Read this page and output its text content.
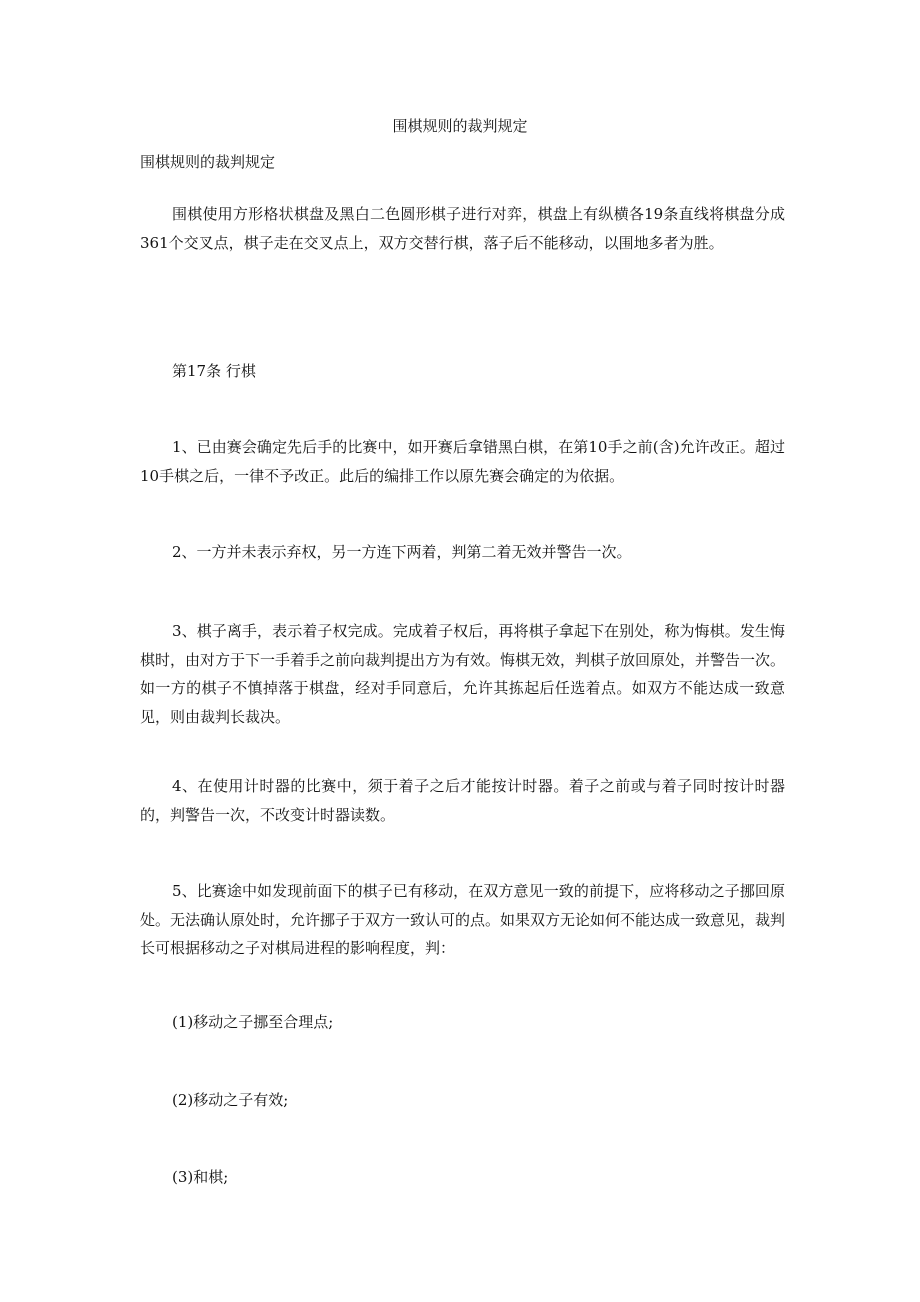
围棋规则的裁判规定

围棋规则的裁判规定

围棋使用方形格状棋盘及黑白二色圆形棋子进行对弈，棋盘上有纵横各19条直线将棋盘分成361个交叉点，棋子走在交叉点上，双方交替行棋，落子后不能移动，以围地多者为胜。

第17条 行棋

1、已由赛会确定先后手的比赛中，如开赛后拿错黑白棋，在第10手之前(含)允许改正。超过10手棋之后，一律不予改正。此后的编排工作以原先赛会确定的为依据。

2、一方并未表示弃权，另一方连下两着，判第二着无效并警告一次。

3、棋子离手，表示着子权完成。完成着子权后，再将棋子拿起下在别处，称为悔棋。发生悔棋时，由对方于下一手着手之前向裁判提出方为有效。悔棋无效，判棋子放回原处，并警告一次。如一方的棋子不慎掉落于棋盘，经对手同意后，允许其拣起后任选着点。如双方不能达成一致意见，则由裁判长裁决。

4、在使用计时器的比赛中，须于着子之后才能按计时器。着子之前或与着子同时按计时器的，判警告一次，不改变计时器读数。

5、比赛途中如发现前面下的棋子已有移动，在双方意见一致的前提下，应将移动之子挪回原处。无法确认原处时，允许挪子于双方一致认可的点。如果双方无论如何不能达成一致意见，裁判长可根据移动之子对棋局进程的影响程度，判：

(1)移动之子挪至合理点;

(2)移动之子有效;

(3)和棋;
